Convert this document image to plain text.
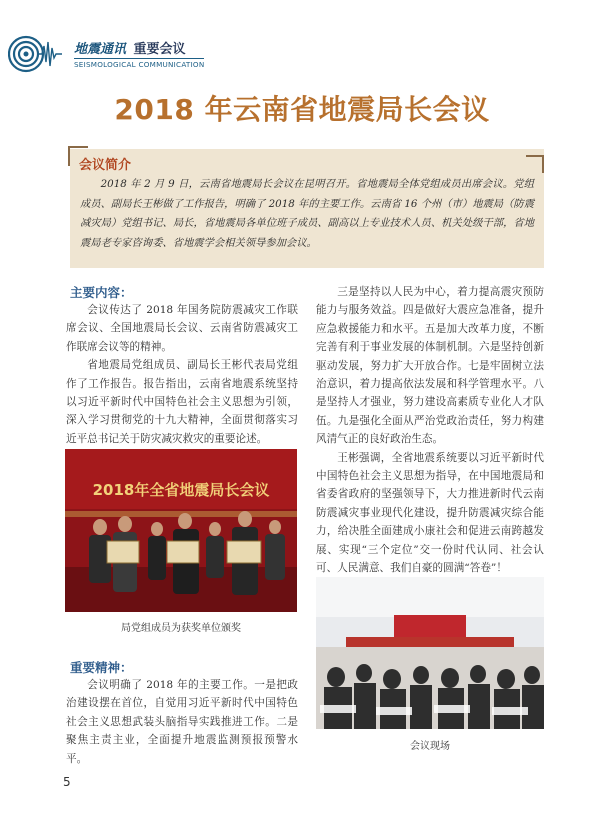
地震通讯 重要会议
SEISMOLOGICAL COMMUNICATION
2018 年云南省地震局长会议
会议简介
2018 年 2 月 9 日，云南省地震局长会议在昆明召开。省地震局全体党组成员出席会议。党组成员、副局长王彬做了工作报告，明确了 2018 年的主要工作。云南省 16 个州（市）地震局（防震减灾局）党组书记、局长，省地震局各单位班子成员、副高以上专业技术人员、机关处级干部，省地震局老专家咨询委、省地震学会相关领导参加会议。
主要内容：

会议传达了 2018 年国务院防震减灾工作联席会议、全国地震局长会议、云南省防震减灾工作联席会议等的精神。

省地震局党组成员、副局长王彬代表局党组作了工作报告。报告指出，云南省地震系统坚持以习近平新时代中国特色社会主义思想为引领，深入学习贯彻党的十九大精神，全面贯彻落实习近平总书记关于防灾减灾救灾的重要论述。

2018年全省地震局长会议
局党组成员为获奖单位颁奖
重要精神：

会议明确了 2018 年的主要工作。一是把政治建设摆在首位，自觉用习近平新时代中国特色社会主义思想武装头脑指导实践推进工作。二是聚焦主责主业，全面提升地震监测预报预警水平。

三是坚持以人民为中心，着力提高震灾预防能力与服务效益。四是做好大震应急准备，提升应急救援能力和水平。五是加大改革力度，不断完善有利于事业发展的体制机制。六是坚持创新驱动发展，努力扩大开放合作。七是牢固树立法治意识，着力提高依法发展和科学管理水平。八是坚持人才强业，努力建设高素质专业化人才队伍。九是强化全面从严治党政治责任，努力构建风清气正的良好政治生态。

王彬强调，全省地震系统要以习近平新时代中国特色社会主义思想为指导，在中国地震局和省委省政府的坚强领导下，大力推进新时代云南防震减灾事业现代化建设，提升防震减灾综合能力，给决胜全面建成小康社会和促进云南跨越发展、实现“三个定位”交一份时代认同、社会认可、人民满意、我们自豪的圆满“答卷”！

会议现场
5
